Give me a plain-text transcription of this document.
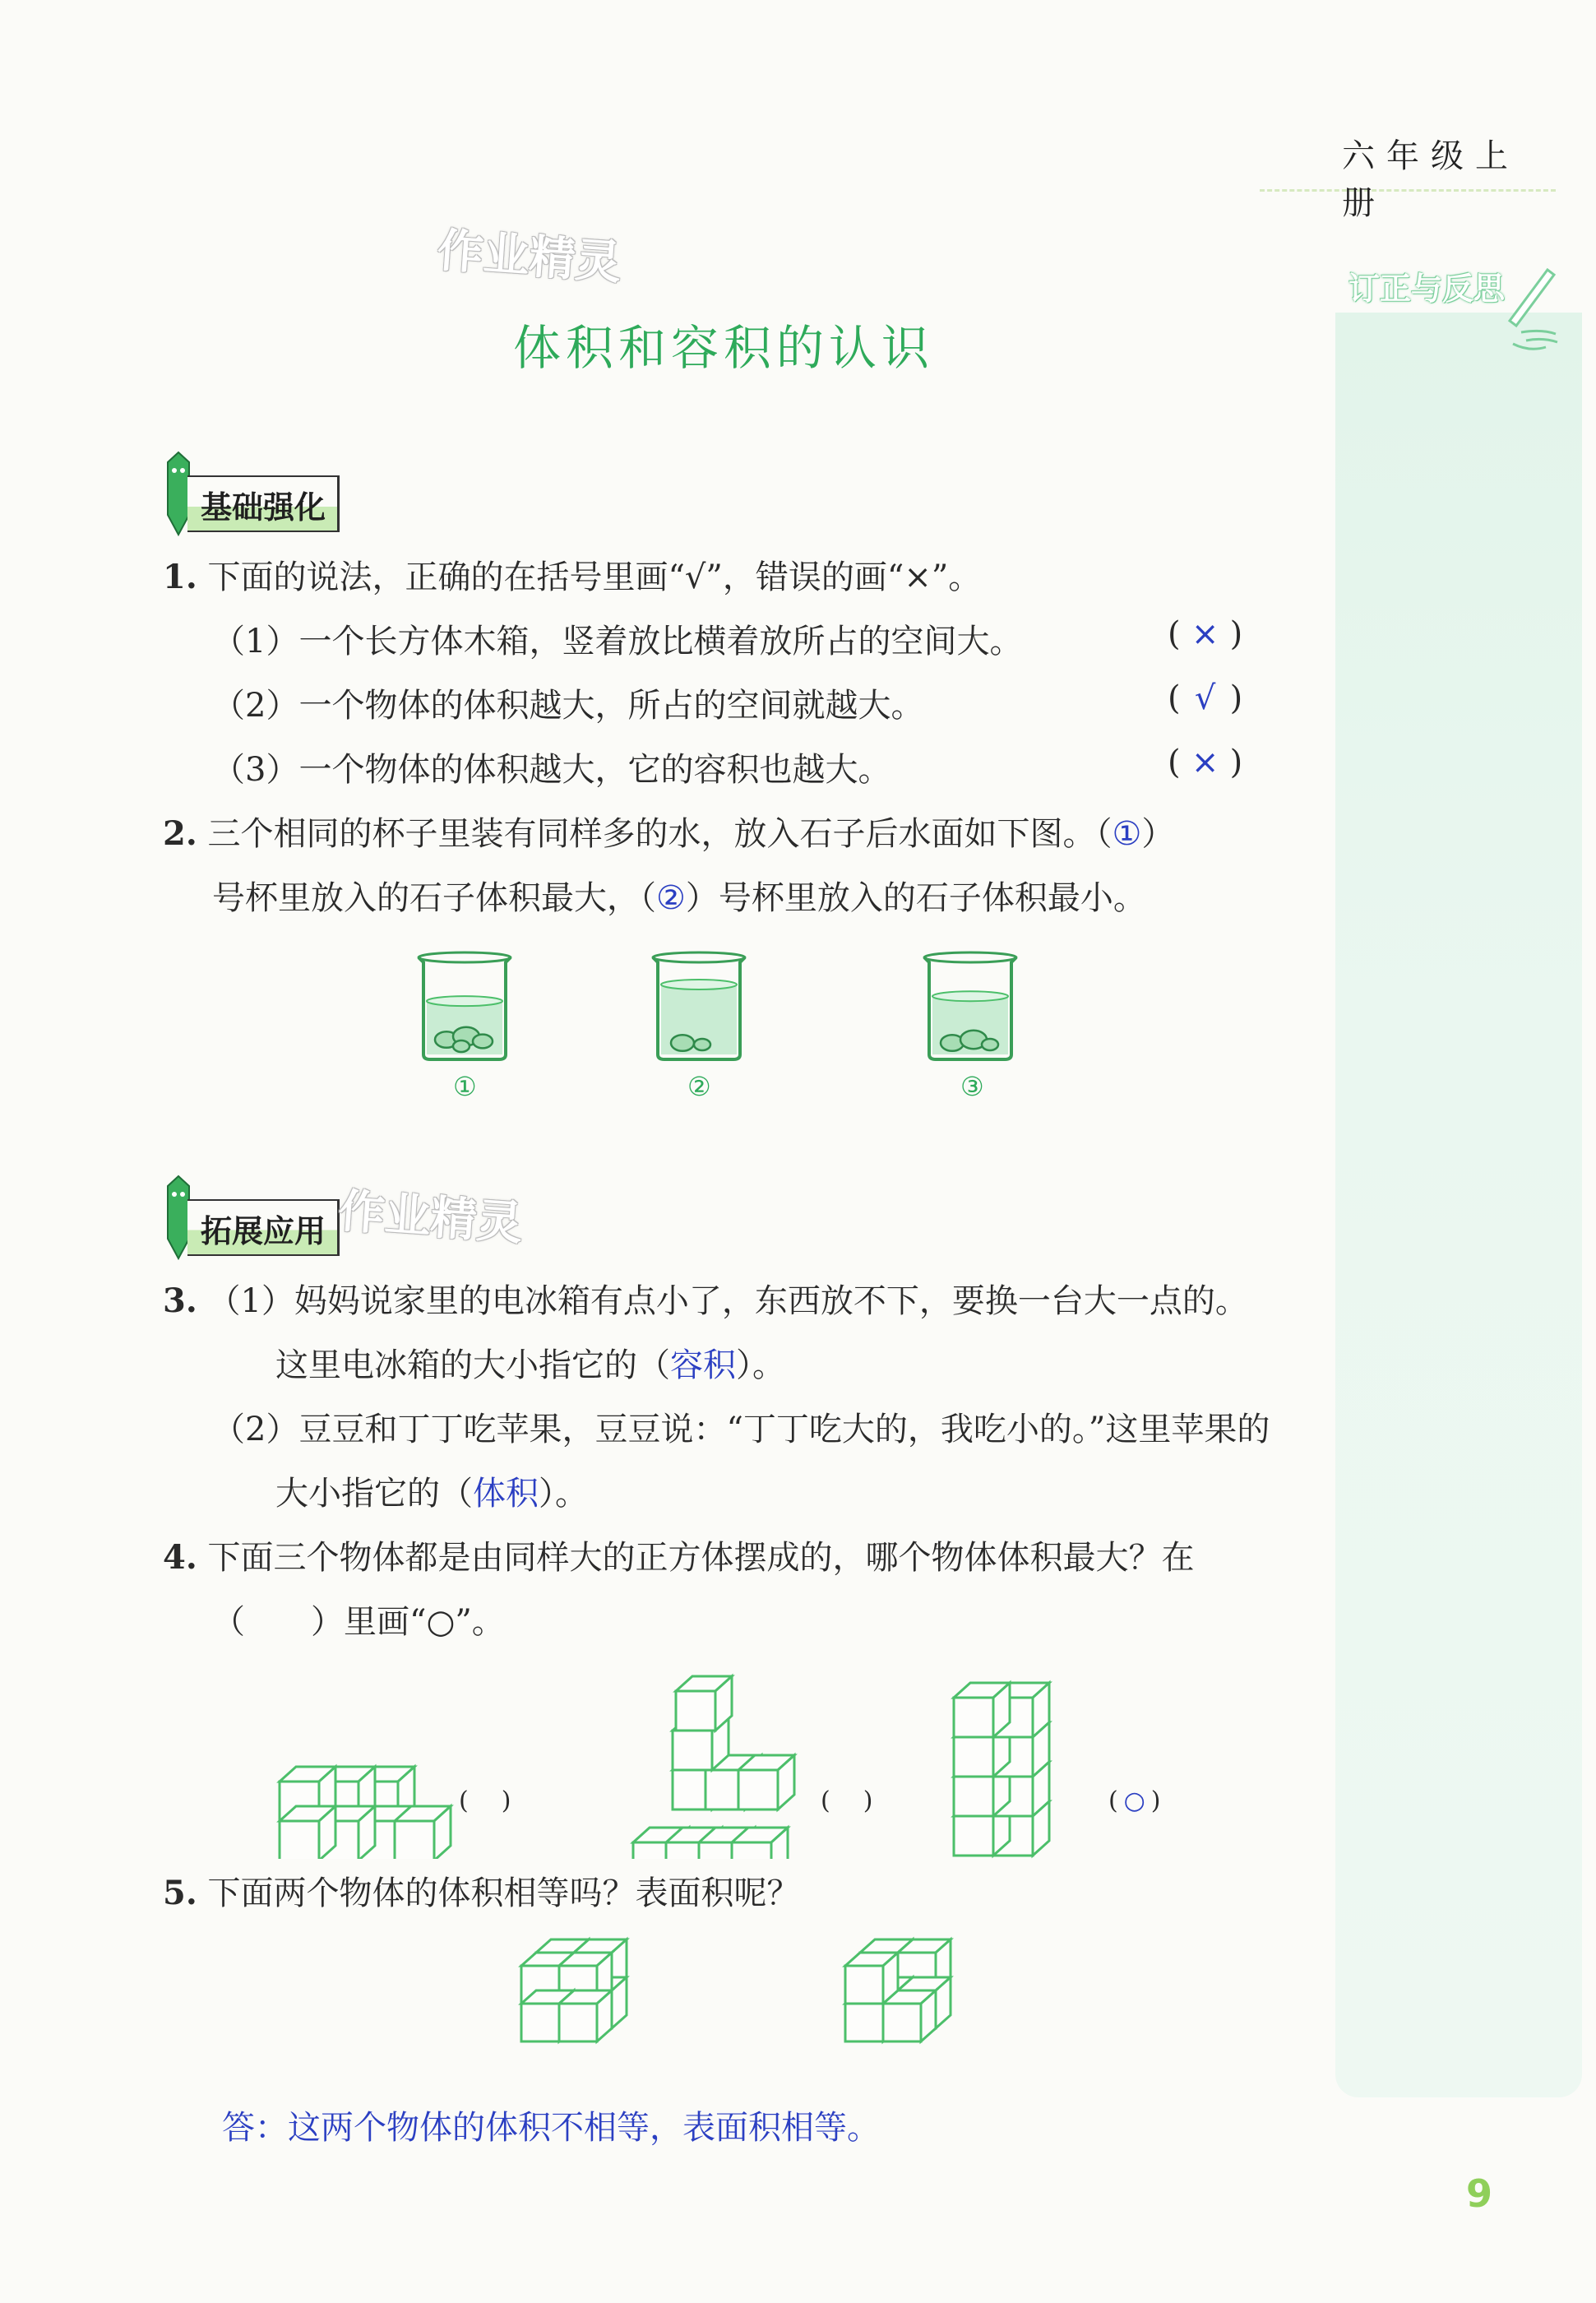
订正与反思
六年级上册
作业精灵
体积和容积的认识
基础强化
1. 下面的说法，正确的在括号里画“√”，错误的画“×”。
（1）一个长方体木箱，竖着放比横着放所占的空间大。	( × )
（2）一个物体的体积越大，所占的空间就越大。	( √ )
（3）一个物体的体积越大，它的容积也越大。	( × )
2. 三个相同的杯子里装有同样多的水，放入石子后水面如下图。（①）
号杯里放入的石子体积最大，（②）号杯里放入的石子体积最小。
①	②	③
拓展应用 作业精灵
3. （1）妈妈说家里的电冰箱有点小了，东西放不下，要换一台大一点的。
这里电冰箱的大小指它的（容积）。
（2）豆豆和丁丁吃苹果，豆豆说：“丁丁吃大的，我吃小的。”这里苹果的
大小指它的（体积）。
4. 下面三个物体都是由同样大的正方体摆成的，哪个物体体积最大？在
（　　）里画“○”。
( )	( )	( ○ )
5. 下面两个物体的体积相等吗？表面积呢？
答：这两个物体的体积不相等，表面积相等。
9
